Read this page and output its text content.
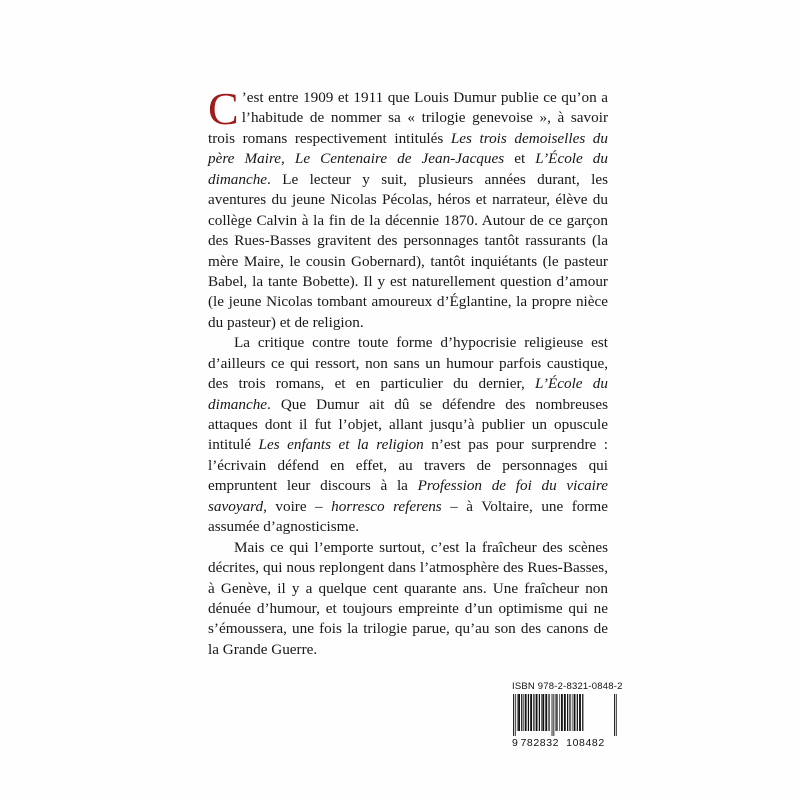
C ’est entre 1909 et 1911 que Louis Dumur publie ce qu’on a l’habitude de nommer sa « trilogie genevoise », à savoir trois romans respectivement intitulés Les trois demoiselles du père Maire, Le Centenaire de Jean-Jacques et L’École du dimanche. Le lecteur y suit, plusieurs années durant, les aventures du jeune Nicolas Pécolas, héros et narrateur, élève du collège Calvin à la fin de la décennie 1870. Autour de ce garçon des Rues-Basses gravitent des personnages tantôt rassurants (la mère Maire, le cousin Gobernard), tantôt inquiétants (le pasteur Babel, la tante Bobette). Il y est naturellement question d’amour (le jeune Nicolas tombant amoureux d’Églantine, la propre nièce du pasteur) et de religion.

La critique contre toute forme d’hypocrisie religieuse est d’ailleurs ce qui ressort, non sans un humour parfois caustique, des trois romans, et en particulier du dernier, L’École du dimanche. Que Dumur ait dû se défendre des nombreuses attaques dont il fut l’objet, allant jusqu’à publier un opuscule intitulé Les enfants et la religion n’est pas pour surprendre : l’écrivain défend en effet, au travers de personnages qui empruntent leur discours à la Profession de foi du vicaire savoyard, voire – horresco referens – à Voltaire, une forme assumée d’agnosticisme.

Mais ce qui l’emporte surtout, c’est la fraîcheur des scènes décrites, qui nous replongent dans l’atmosphère des Rues-Basses, à Genève, il y a quelque cent quarante ans. Une fraîcheur non dénuée d’humour, et toujours empreinte d’un optimisme qui ne s’émoussera, une fois la trilogie parue, qu’au son des canons de la Grande Guerre.

ISBN 978-2-8321-0848-2
9 782832 108482
